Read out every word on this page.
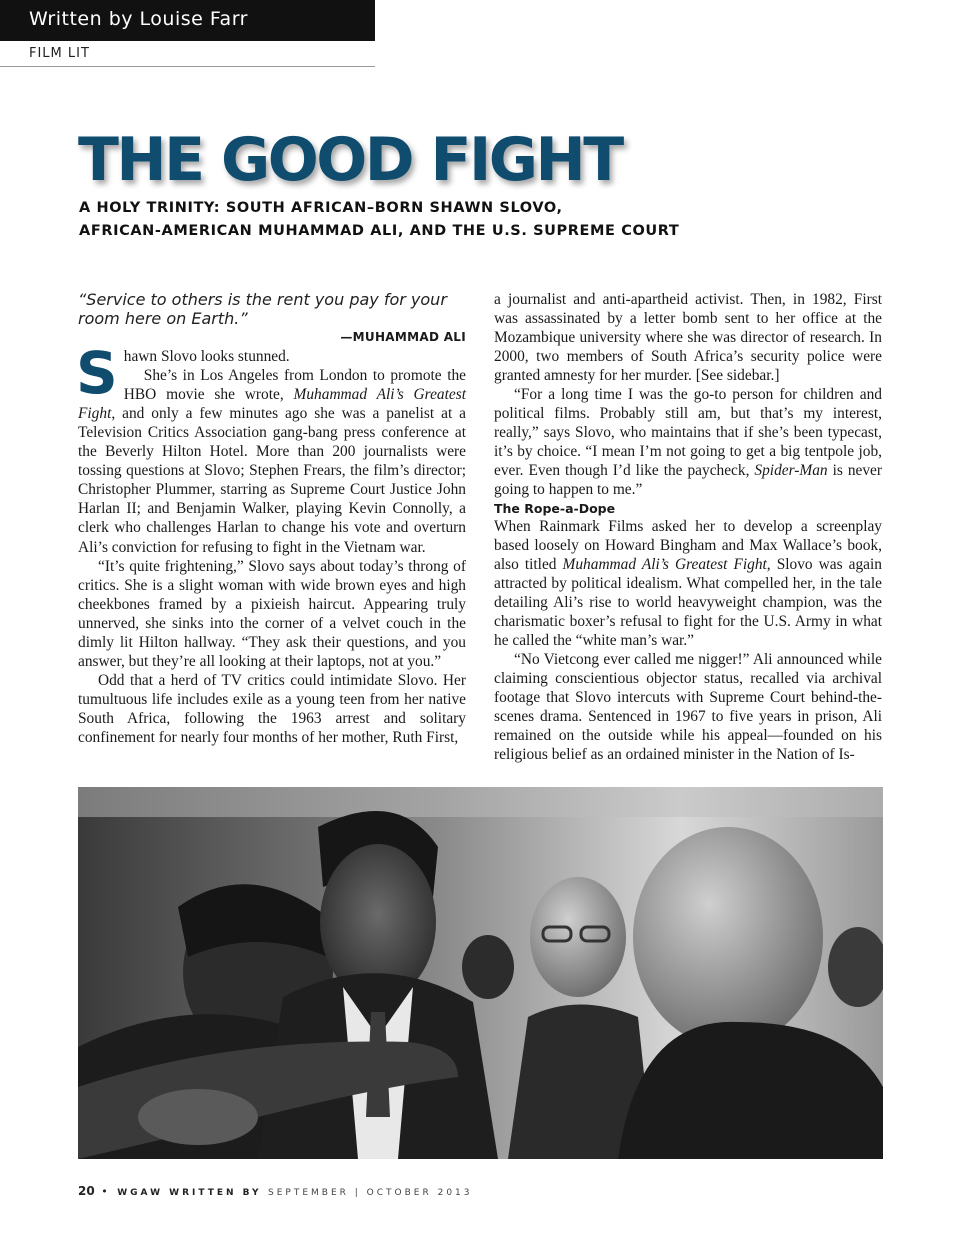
Written by Louise Farr
FILM LIT
THE GOOD FIGHT
A HOLY TRINITY: SOUTH AFRICAN–BORN SHAWN SLOVO,
AFRICAN-AMERICAN MUHAMMAD ALI, AND THE U.S. SUPREME COURT

“Service to others is the rent you pay for your room here on Earth.”

—MUHAMMAD ALI

Shawn Slovo looks stunned.

She’s in Los Angeles from London to promote the HBO movie she wrote, Muhammad Ali’s Greatest Fight, and only a few minutes ago she was a panelist at a Television Critics Association gang-bang press conference at the Beverly Hilton Hotel. More than 200 journalists were tossing questions at Slovo; Stephen Frears, the film’s director; Christopher Plummer, starring as Supreme Court Justice John Harlan II; and Benjamin Walker, playing Kevin Connolly, a clerk who challenges Harlan to change his vote and overturn Ali’s conviction for refusing to fight in the Vietnam war.

“It’s quite frightening,” Slovo says about today’s throng of critics. She is a slight woman with wide brown eyes and high cheekbones framed by a pixieish haircut. Appearing truly unnerved, she sinks into the corner of a velvet couch in the dimly lit Hilton hallway. “They ask their questions, and you answer, but they’re all looking at their laptops, not at you.”

Odd that a herd of TV critics could intimidate Slovo. Her tumultuous life includes exile as a young teen from her native South Africa, following the 1963 arrest and solitary confinement for nearly four months of her mother, Ruth First,

a journalist and anti-apartheid activist. Then, in 1982, First was assassinated by a letter bomb sent to her office at the Mozambique university where she was director of research. In 2000, two members of South Africa’s security police were granted amnesty for her murder. [See sidebar.]

“For a long time I was the go-to person for children and political films. Probably still am, but that’s my interest, really,” says Slovo, who maintains that if she’s been typecast, it’s by choice. “I mean I’m not going to get a big tentpole job, ever. Even though I’d like the paycheck, Spider-Man is never going to happen to me.”

The Rope-a-Dope

When Rainmark Films asked her to develop a screenplay based loosely on Howard Bingham and Max Wallace’s book, also titled Muhammad Ali’s Greatest Fight, Slovo was again attracted by political idealism. What compelled her, in the tale detailing Ali’s rise to world heavyweight champion, was the charismatic boxer’s refusal to fight for the U.S. Army in what he called the “white man’s war.”

“No Vietcong ever called me nigger!” Ali announced while claiming conscientious objector status, recalled via archival footage that Slovo intercuts with Supreme Court behind-the-scenes drama. Sentenced in 1967 to five years in prison, Ali remained on the outside while his appeal—founded on his religious belief as an ordained minister in the Nation of Is-

20 • WGAW WRITTEN BY SEPTEMBER | OCTOBER 2013
